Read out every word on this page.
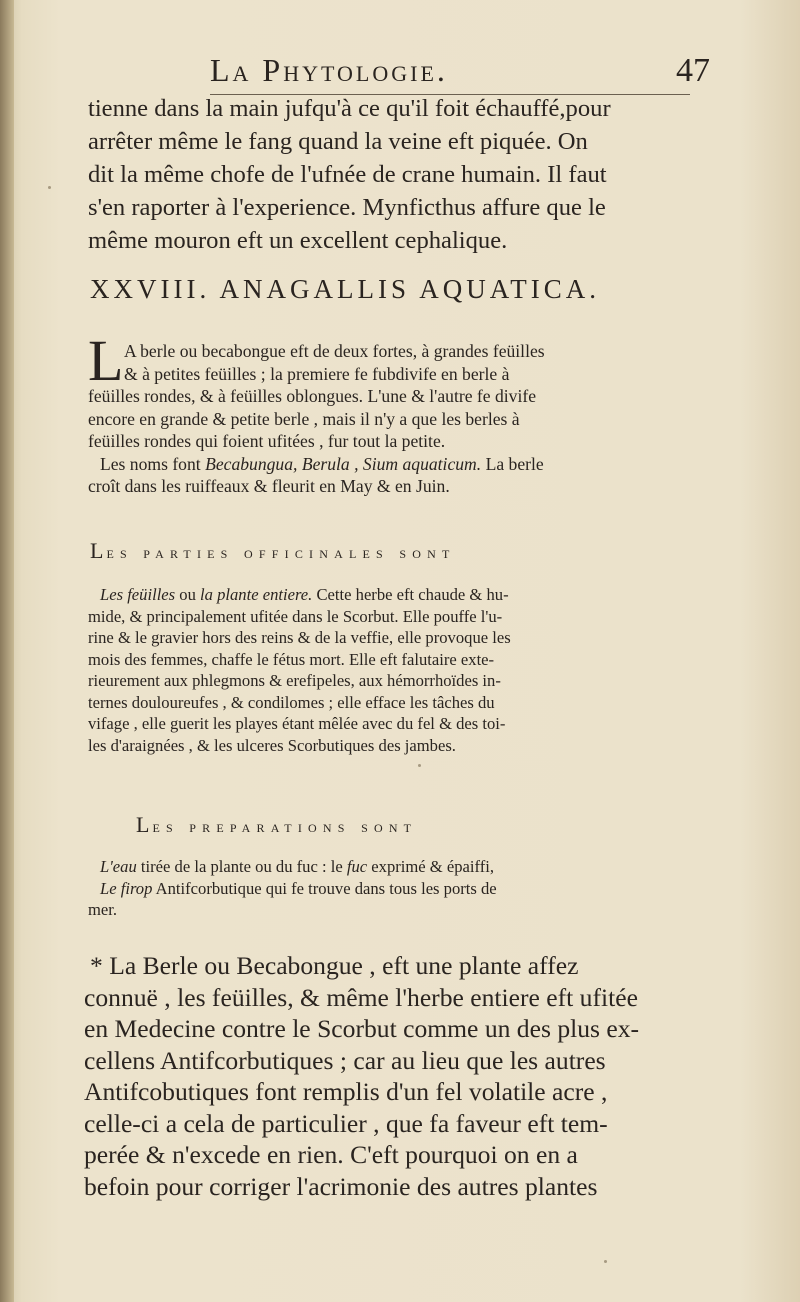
La Phytologie.	47
tienne dans la main jufqu'à ce qu'il foit échauffé,pour
arrêter même le fang quand la veine eft piquée. On
dit la même chofe de l'ufnée de crane humain. Il faut
s'en raporter à l'experience. Mynficthus affure que le
même mouron eft un excellent cephalique.
XXVIII. ANAGALLIS AQUATICA.
L A berle ou becabongue eft de deux fortes, à grandes feüilles
& à petites feüilles ; la premiere fe fubdivife en berle à
feüilles rondes, & à feüilles oblongues. L'une & l'autre fe divife
encore en grande & petite berle , mais il n'y a que les berles à
feüilles rondes qui foient ufitées , fur tout la petite.
Les noms font Becabungua, Berula , Sium aquaticum. La berle
croît dans les ruiffeaux & fleurit en May & en Juin.
Les parties officinales sont
Les feüilles ou la plante entiere. Cette herbe eft chaude & hu-
mide, & principalement ufitée dans le Scorbut. Elle pouffe l'u-
rine & le gravier hors des reins & de la veffie, elle provoque les
mois des femmes, chaffe le fétus mort. Elle eft falutaire exte-
rieurement aux phlegmons & erefipeles, aux hémorrhoïdes in-
ternes douloureufes , & condilomes ; elle efface les tâches du
vifage , elle guerit les playes étant mêlée avec du fel & des toi-
les d'araignées , & les ulceres Scorbutiques des jambes.
Les preparations sont
L'eau tirée de la plante ou du fuc : le fuc exprimé & épaiffi,
Le firop Antifcorbutique qui fe trouve dans tous les ports de
mer.
* La Berle ou Becabongue , eft une plante affez
connuë , les feüilles, & même l'herbe entiere eft ufitée
en Medecine contre le Scorbut comme un des plus ex-
cellens Antifcorbutiques ; car au lieu que les autres
Antifcobutiques font remplis d'un fel volatile acre ,
celle-ci a cela de particulier , que fa faveur eft tem-
perée & n'excede en rien. C'eft pourquoi on en a
befoin pour corriger l'acrimonie des autres plantes
